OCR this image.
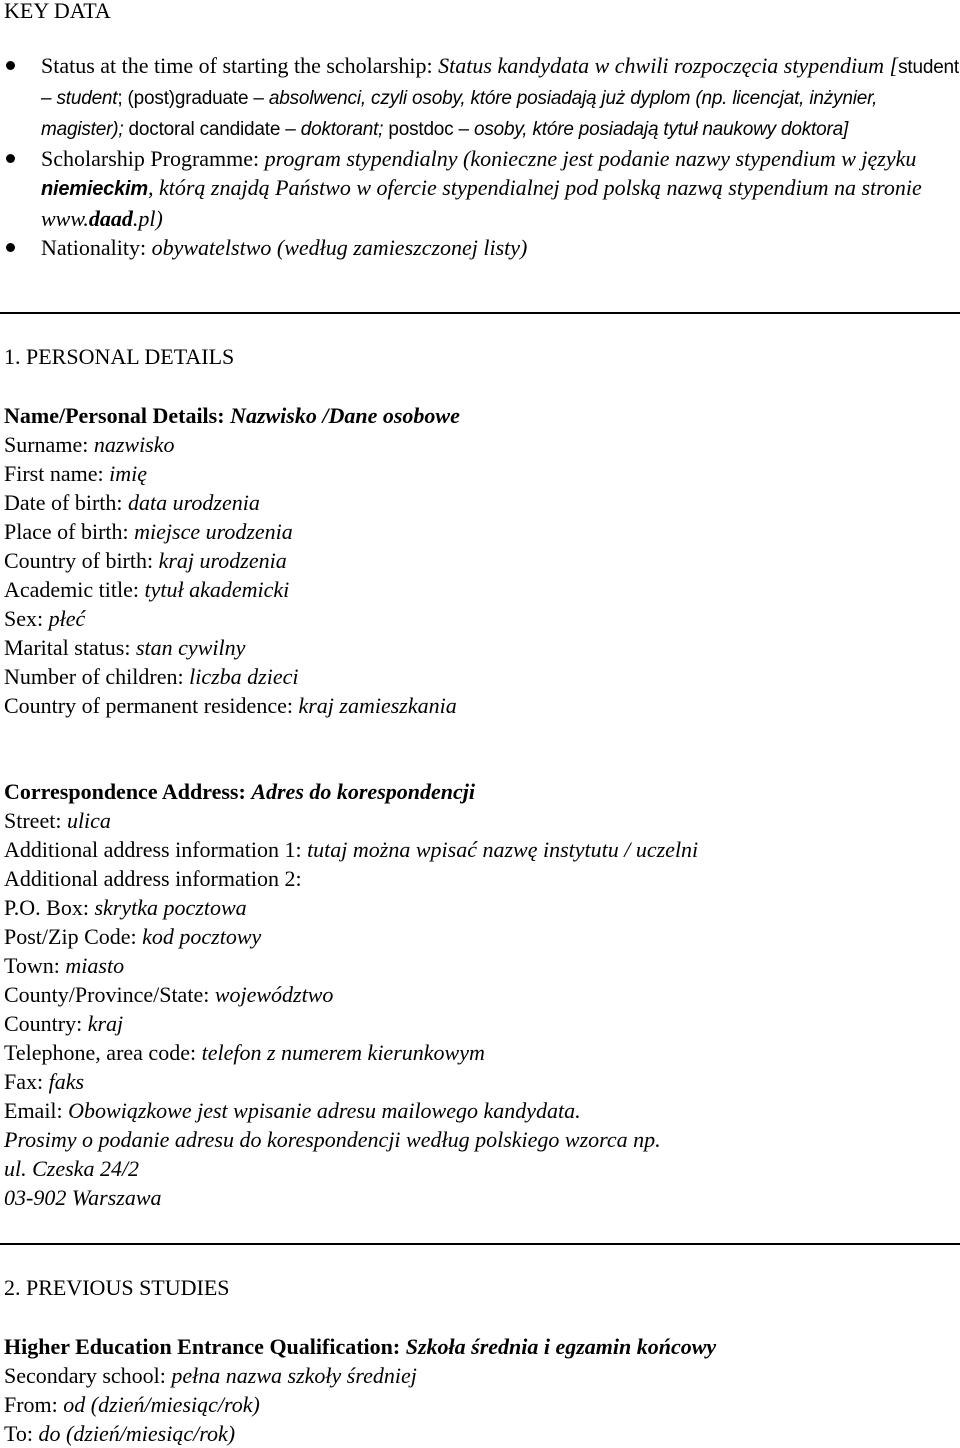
KEY DATA
Status at the time of starting the scholarship: Status kandydata w chwili rozpoczęcia stypendium [student – student; (post)graduate – absolwenci, czyli osoby, które posiadają już dyplom (np. licencjat, inżynier, magister); doctoral candidate – doktorant; postdoc – osoby, które posiadają tytuł naukowy doktora]
Scholarship Programme: program stypendialny (konieczne jest podanie nazwy stypendium w języku niemieckim, którą znajdą Państwo w ofercie stypendialnej pod polską nazwą stypendium na stronie www.daad.pl)
Nationality: obywatelstwo (według zamieszczonej listy)
1. PERSONAL DETAILS
Name/Personal Details: Nazwisko /Dane osobowe
Surname: nazwisko
First name: imię
Date of birth: data urodzenia
Place of birth: miejsce urodzenia
Country of birth: kraj urodzenia
Academic title: tytuł akademicki
Sex: płeć
Marital status: stan cywilny
Number of children: liczba dzieci
Country of permanent residence: kraj zamieszkania
Correspondence Address: Adres do korespondencji
Street: ulica
Additional address information 1: tutaj można wpisać nazwę instytutu / uczelni
Additional address information 2:
P.O. Box: skrytka pocztowa
Post/Zip Code: kod pocztowy
Town: miasto
County/Province/State: województwo
Country: kraj
Telephone, area code: telefon z numerem kierunkowym
Fax: faks
Email: Obowiązkowe jest wpisanie adresu mailowego kandydata.
Prosimy o podanie adresu do korespondencji według polskiego wzorca np.
ul. Czeska 24/2
03-902 Warszawa
2. PREVIOUS STUDIES
Higher Education Entrance Qualification: Szkoła średnia i egzamin końcowy
Secondary school: pełna nazwa szkoły średniej
From: od (dzień/miesiąc/rok)
To: do (dzień/miesiąc/rok)
